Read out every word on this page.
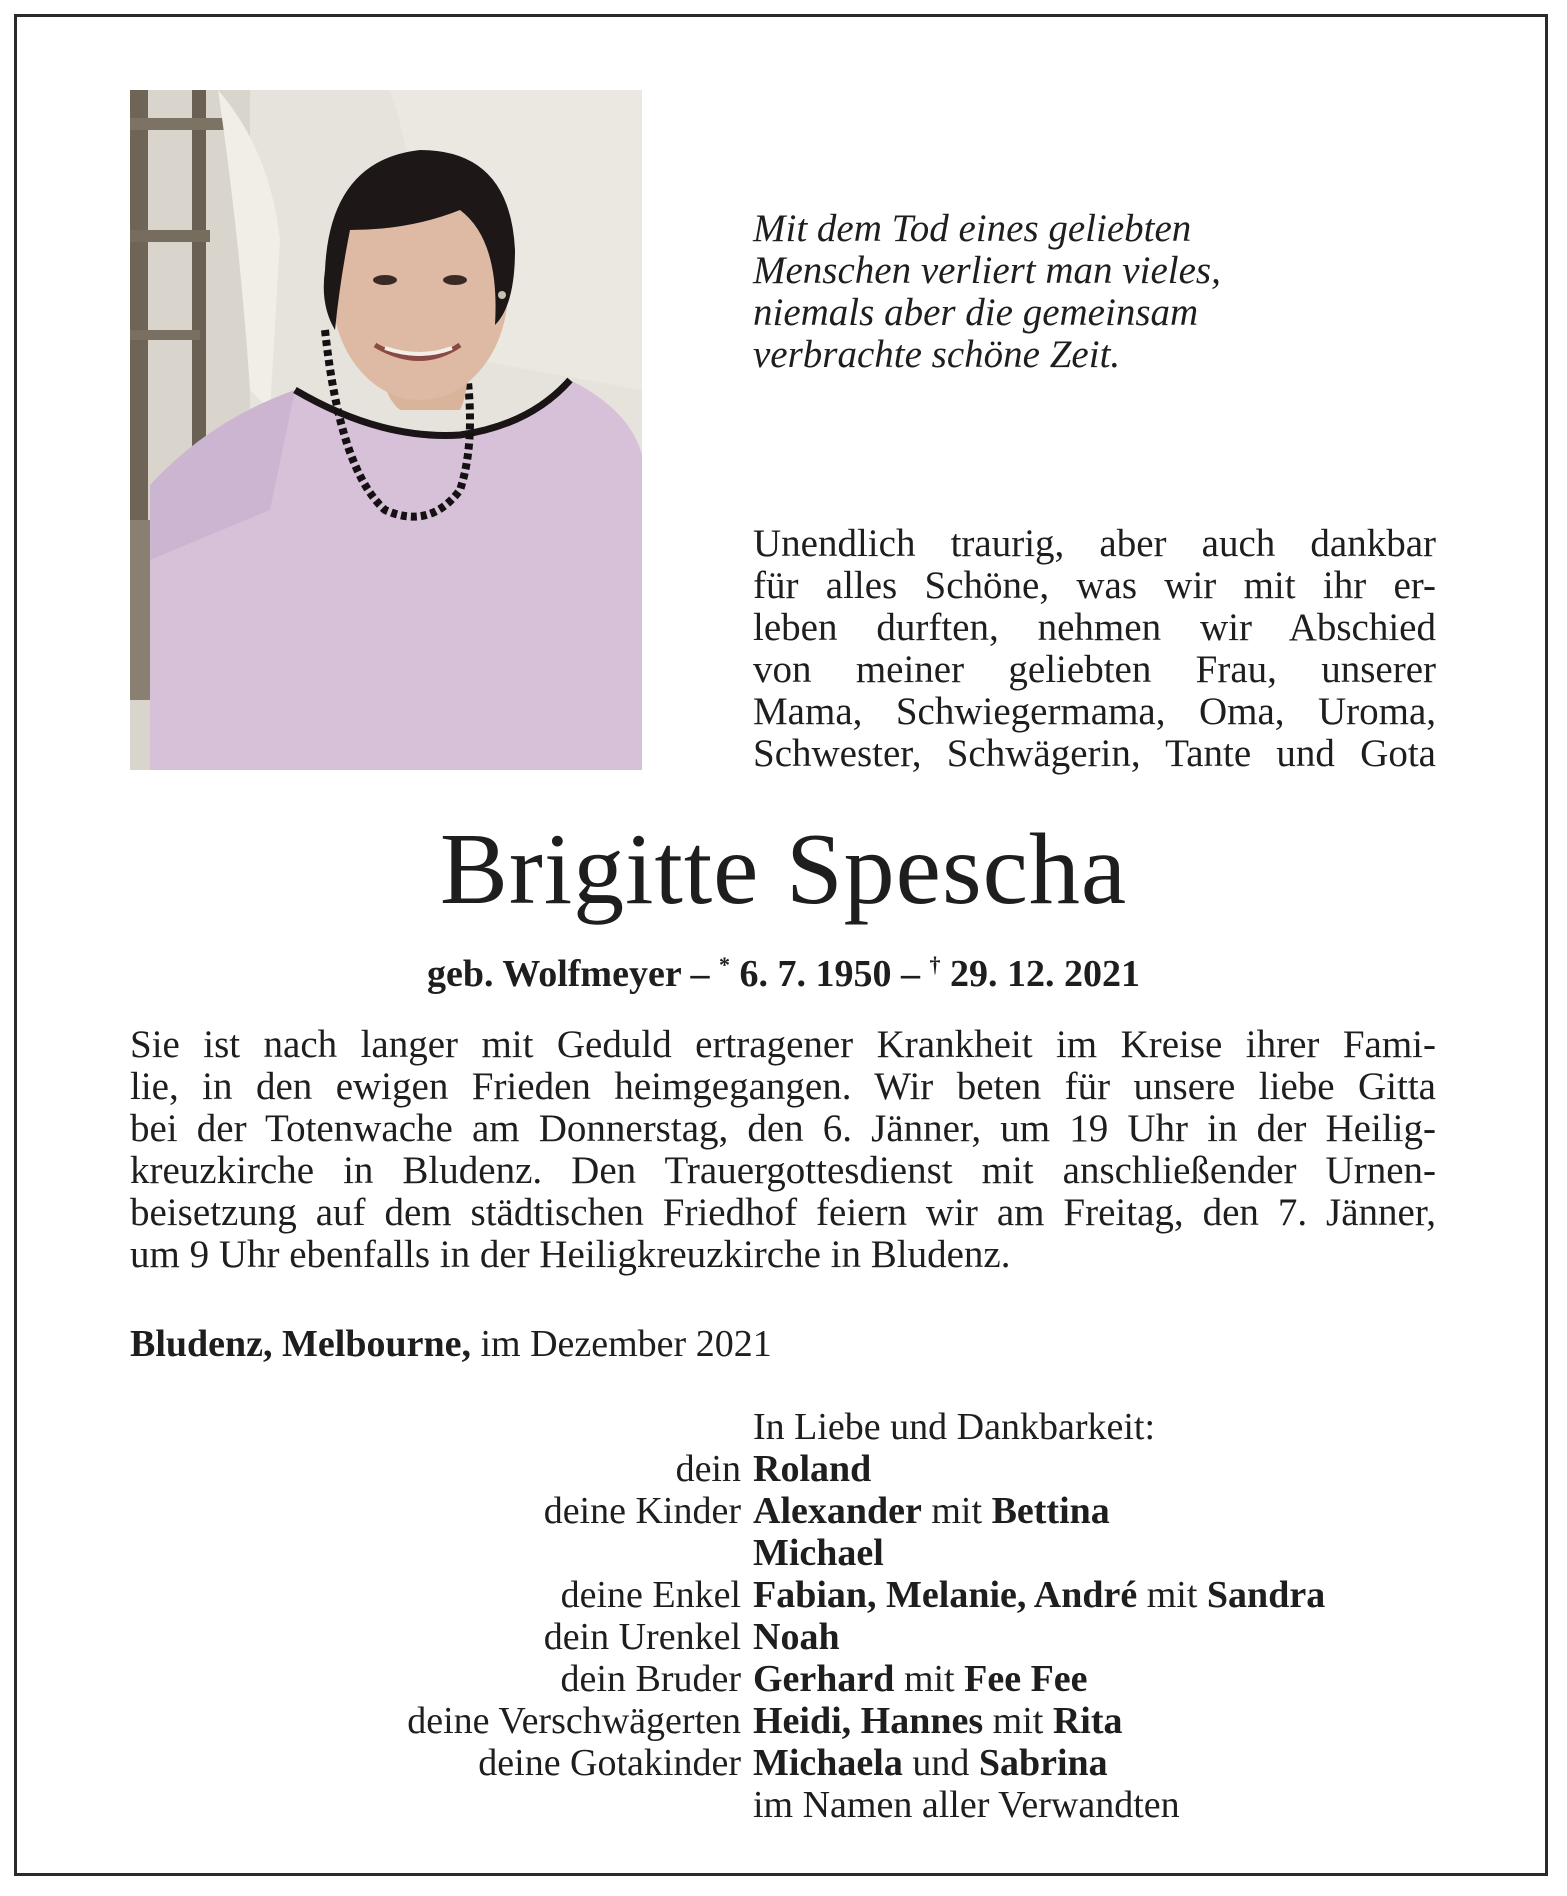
Mit dem Tod eines geliebten
Menschen verliert man vieles,
niemals aber die gemeinsam
verbrachte schöne Zeit.
Unendlich traurig, aber auch dankbar
für alles Schöne, was wir mit ihr er-
leben durften, nehmen wir Abschied
von meiner geliebten Frau, unserer
Mama, Schwiegermama, Oma, Uroma,
Schwester, Schwägerin, Tante und Gota
Brigitte Spescha
geb. Wolfmeyer – * 6. 7. 1950 – † 29. 12. 2021
Sie ist nach langer mit Geduld ertragener Krankheit im Kreise ihrer Fami-
lie, in den ewigen Frieden heimgegangen. Wir beten für unsere liebe Gitta
bei der Totenwache am Donnerstag, den 6. Jänner, um 19 Uhr in der Heilig-
kreuzkirche in Bludenz. Den Trauergottesdienst mit anschließender Urnen-
beisetzung auf dem städtischen Friedhof feiern wir am Freitag, den 7. Jänner,
um 9 Uhr ebenfalls in der Heiligkreuzkirche in Bludenz.
Bludenz, Melbourne, im Dezember 2021
In Liebe und Dankbarkeit:
dein Roland
deine Kinder Alexander mit Bettina
Michael
deine Enkel Fabian, Melanie, André mit Sandra
dein Urenkel Noah
dein Bruder Gerhard mit Fee Fee
deine Verschwägerten Heidi, Hannes mit Rita
deine Gotakinder Michaela und Sabrina
im Namen aller Verwandten
